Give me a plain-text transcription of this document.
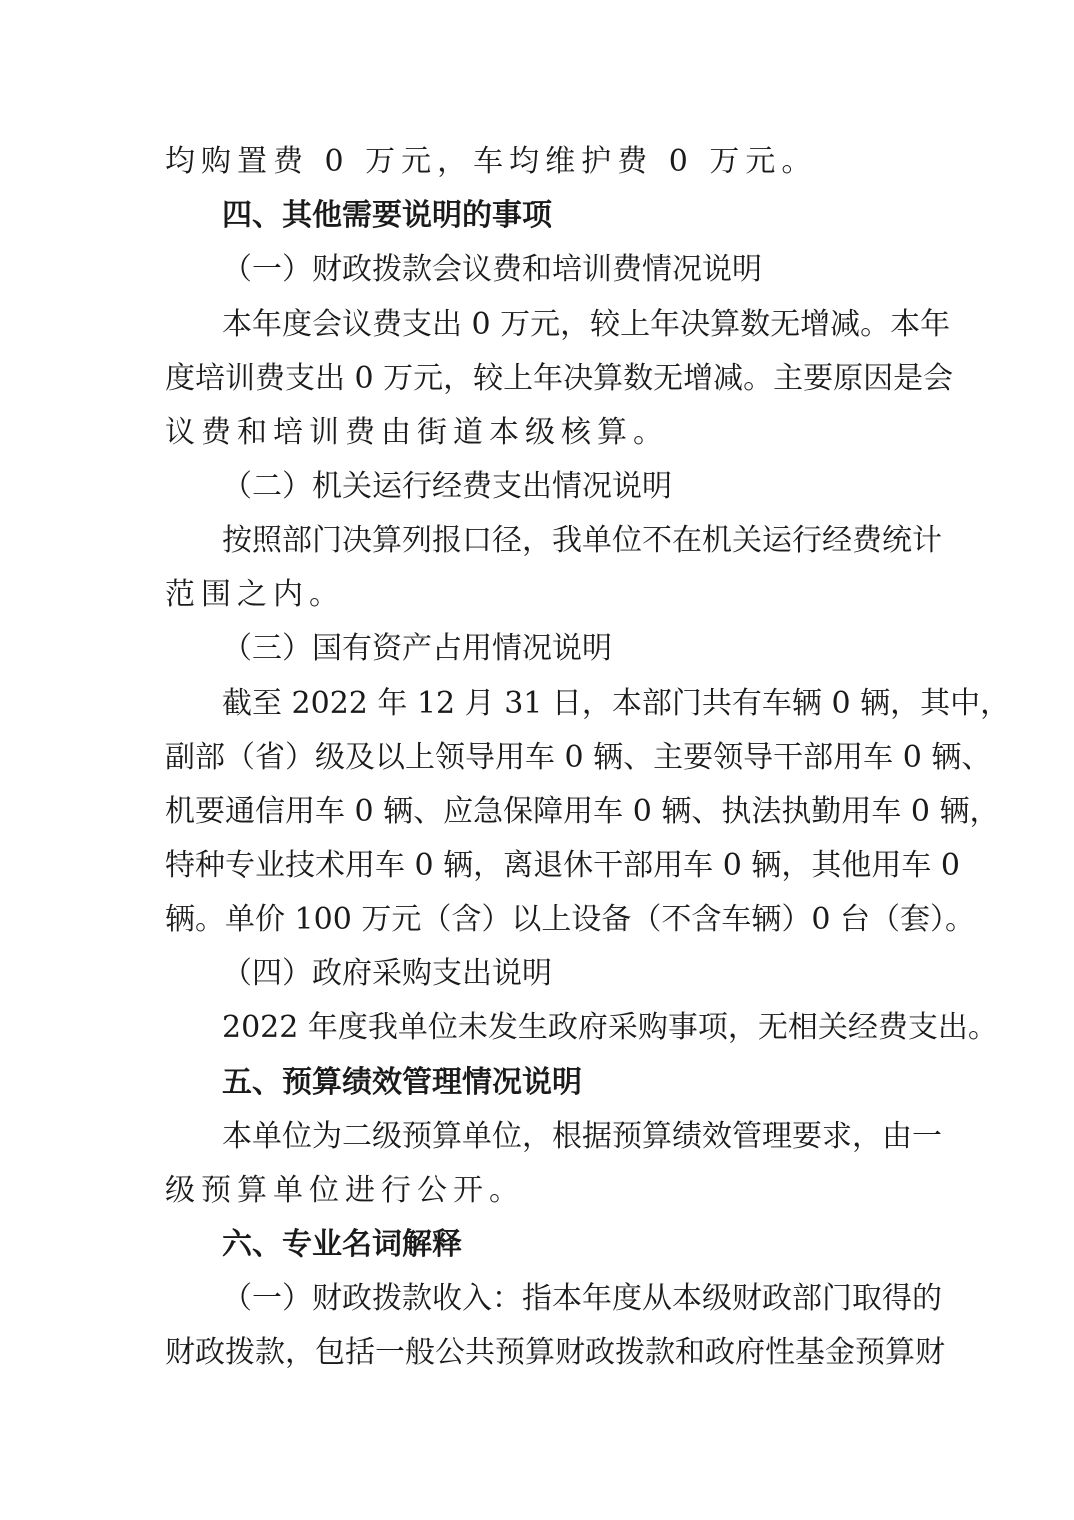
均购置费 0 万元，车均维护费 0 万元。
四、其他需要说明的事项
（一）财政拨款会议费和培训费情况说明
本年度会议费支出 0 万元，较上年决算数无增减。本年
度培训费支出 0 万元，较上年决算数无增减。主要原因是会
议费和培训费由街道本级核算。
（二）机关运行经费支出情况说明
按照部门决算列报口径，我单位不在机关运行经费统计
范围之内。
（三）国有资产占用情况说明
截至 2022 年 12 月 31 日，本部门共有车辆 0 辆，其中，
副部（省）级及以上领导用车 0 辆、主要领导干部用车 0 辆、
机要通信用车 0 辆、应急保障用车 0 辆、执法执勤用车 0 辆，
特种专业技术用车 0 辆，离退休干部用车 0 辆，其他用车 0
辆。单价 100 万元（含）以上设备（不含车辆）0 台（套）。
（四）政府采购支出说明
2022 年度我单位未发生政府采购事项，无相关经费支出。
五、预算绩效管理情况说明
本单位为二级预算单位，根据预算绩效管理要求，由一
级预算单位进行公开。
六、专业名词解释
（一）财政拨款收入：指本年度从本级财政部门取得的
财政拨款，包括一般公共预算财政拨款和政府性基金预算财
